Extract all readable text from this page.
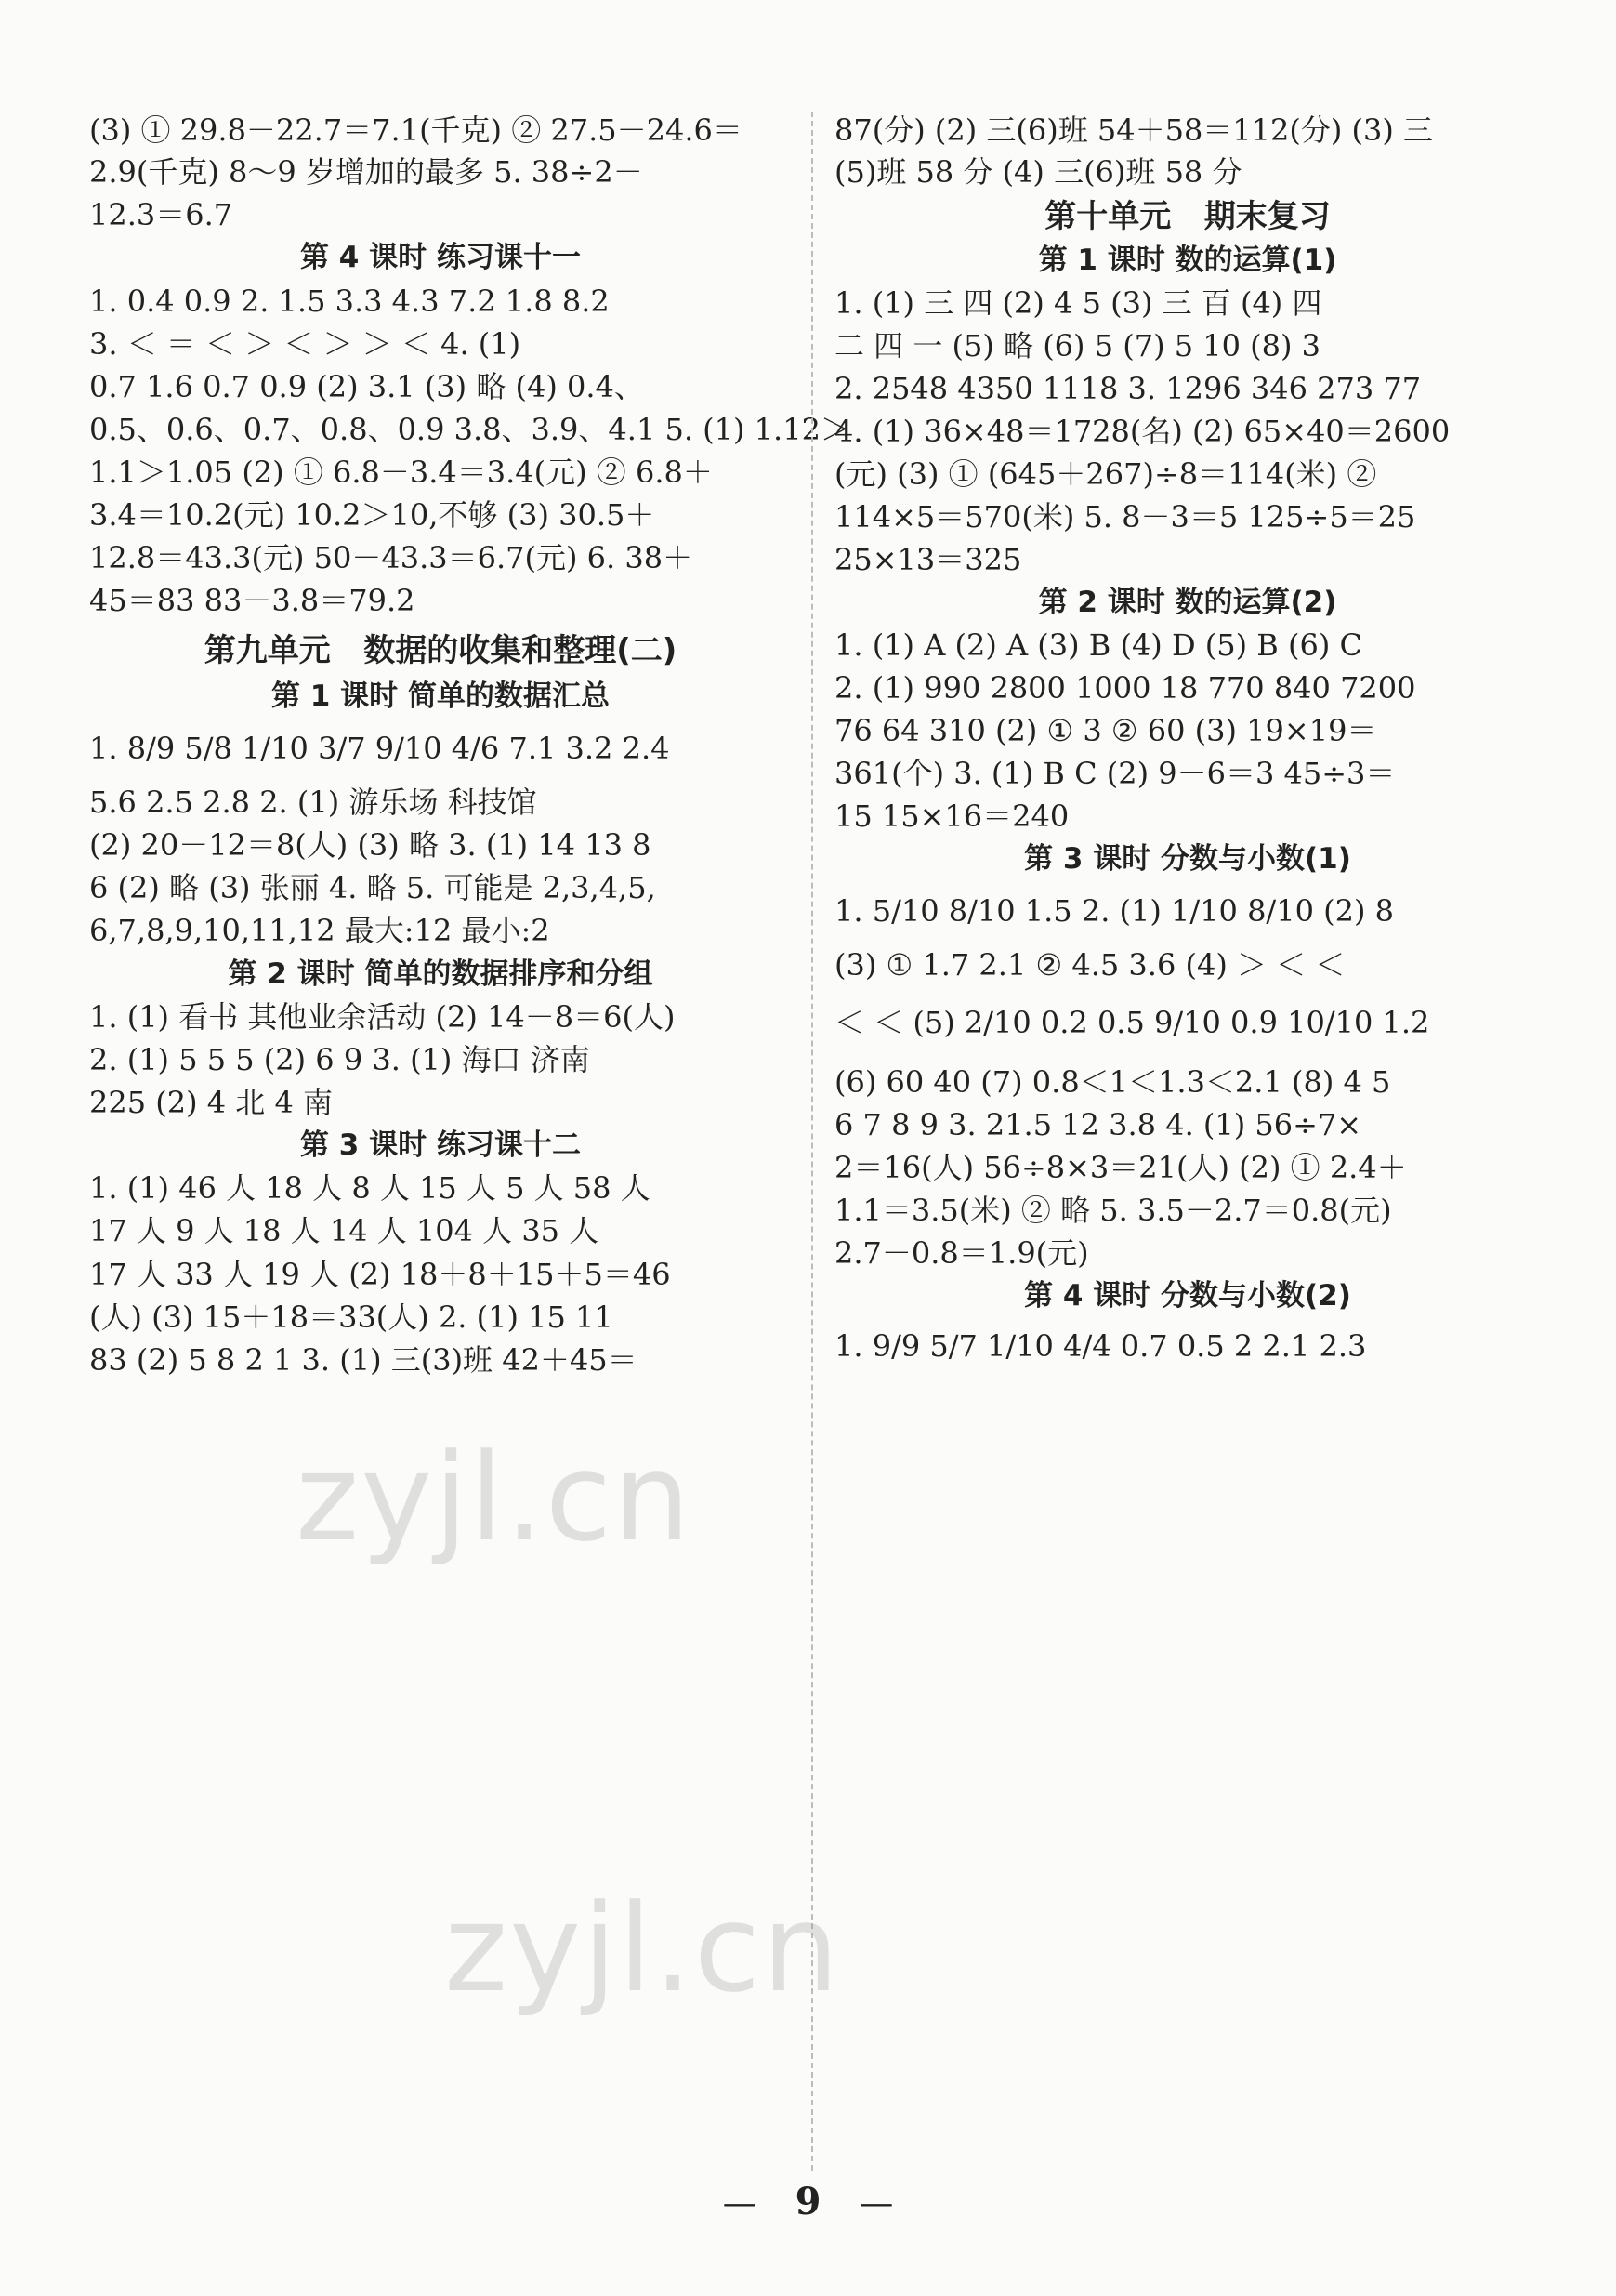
(3) ① 29.8－22.7＝7.1(千克) ② 27.5－24.6＝
2.9(千克) 8～9 岁增加的最多 5. 38÷2－
12.3＝6.7
第 4 课时 练习课十一
1. 0.4 0.9 2. 1.5 3.3 4.3 7.2 1.8 8.2
3. ＜ ＝ ＜ ＞ ＜ ＞ ＞ ＜ 4. (1)
0.7 1.6 0.7 0.9 (2) 3.1 (3) 略 (4) 0.4、
0.5、0.6、0.7、0.8、0.9 3.8、3.9、4.1 5. (1) 1.12＞
1.1＞1.05 (2) ① 6.8－3.4＝3.4(元) ② 6.8＋
3.4＝10.2(元) 10.2＞10,不够 (3) 30.5＋
12.8＝43.3(元) 50－43.3＝6.7(元) 6. 38＋
45＝83 83－3.8＝79.2
第九单元   数据的收集和整理(二)
第 1 课时 简单的数据汇总
1. 8/9 5/8 1/10 3/7 9/10 4/6 7.1 3.2 2.4
5.6 2.5 2.8 2. (1) 游乐场 科技馆
(2) 20－12＝8(人) (3) 略 3. (1) 14 13 8
6 (2) 略 (3) 张丽 4. 略 5. 可能是 2,3,4,5,
6,7,8,9,10,11,12 最大:12 最小:2
第 2 课时 简单的数据排序和分组
1. (1) 看书 其他业余活动 (2) 14－8＝6(人)
2. (1) 5 5 5 (2) 6 9 3. (1) 海口 济南
225 (2) 4 北 4 南
第 3 课时 练习课十二
1. (1) 46 人 18 人 8 人 15 人 5 人 58 人
17 人 9 人 18 人 14 人 104 人 35 人
17 人 33 人 19 人 (2) 18＋8＋15＋5＝46
(人) (3) 15＋18＝33(人) 2. (1) 15 11
83 (2) 5 8 2 1 3. (1) 三(3)班 42＋45＝
87(分) (2) 三(6)班 54＋58＝112(分) (3) 三
(5)班 58 分 (4) 三(6)班 58 分
第十单元   期末复习
第 1 课时 数的运算(1)
1. (1) 三 四 (2) 4 5 (3) 三 百 (4) 四
二 四 一 (5) 略 (6) 5 (7) 5 10 (8) 3
2. 2548 4350 1118 3. 1296 346 273 77
4. (1) 36×48＝1728(名) (2) 65×40＝2600
(元) (3) ① (645＋267)÷8＝114(米) ②
114×5＝570(米) 5. 8－3＝5 125÷5＝25
25×13＝325
第 2 课时 数的运算(2)
1. (1) A (2) A (3) B (4) D (5) B (6) C
2. (1) 990 2800 1000 18 770 840 7200
76 64 310 (2) ① 3 ② 60 (3) 19×19＝
361(个) 3. (1) B C (2) 9－6＝3 45÷3＝
15 15×16＝240
第 3 课时 分数与小数(1)
1. 5/10 8/10 1.5 2. (1) 1/10 8/10 (2) 8
(3) ① 1.7 2.1 ② 4.5 3.6 (4) ＞ ＜ ＜
＜ ＜ (5) 2/10 0.2 0.5 9/10 0.9 10/10 1.2
(6) 60 40 (7) 0.8＜1＜1.3＜2.1 (8) 4 5
6 7 8 9 3. 21.5 12 3.8 4. (1) 56÷7×
2＝16(人) 56÷8×3＝21(人) (2) ① 2.4＋
1.1＝3.5(米) ② 略 5. 3.5－2.7＝0.8(元)
2.7－0.8＝1.9(元)
第 4 课时 分数与小数(2)
1. 9/9 5/7 1/10 4/4 0.7 0.5 2 2.1 2.3
zyjl.cn
zyjl.cn
— 9 —
